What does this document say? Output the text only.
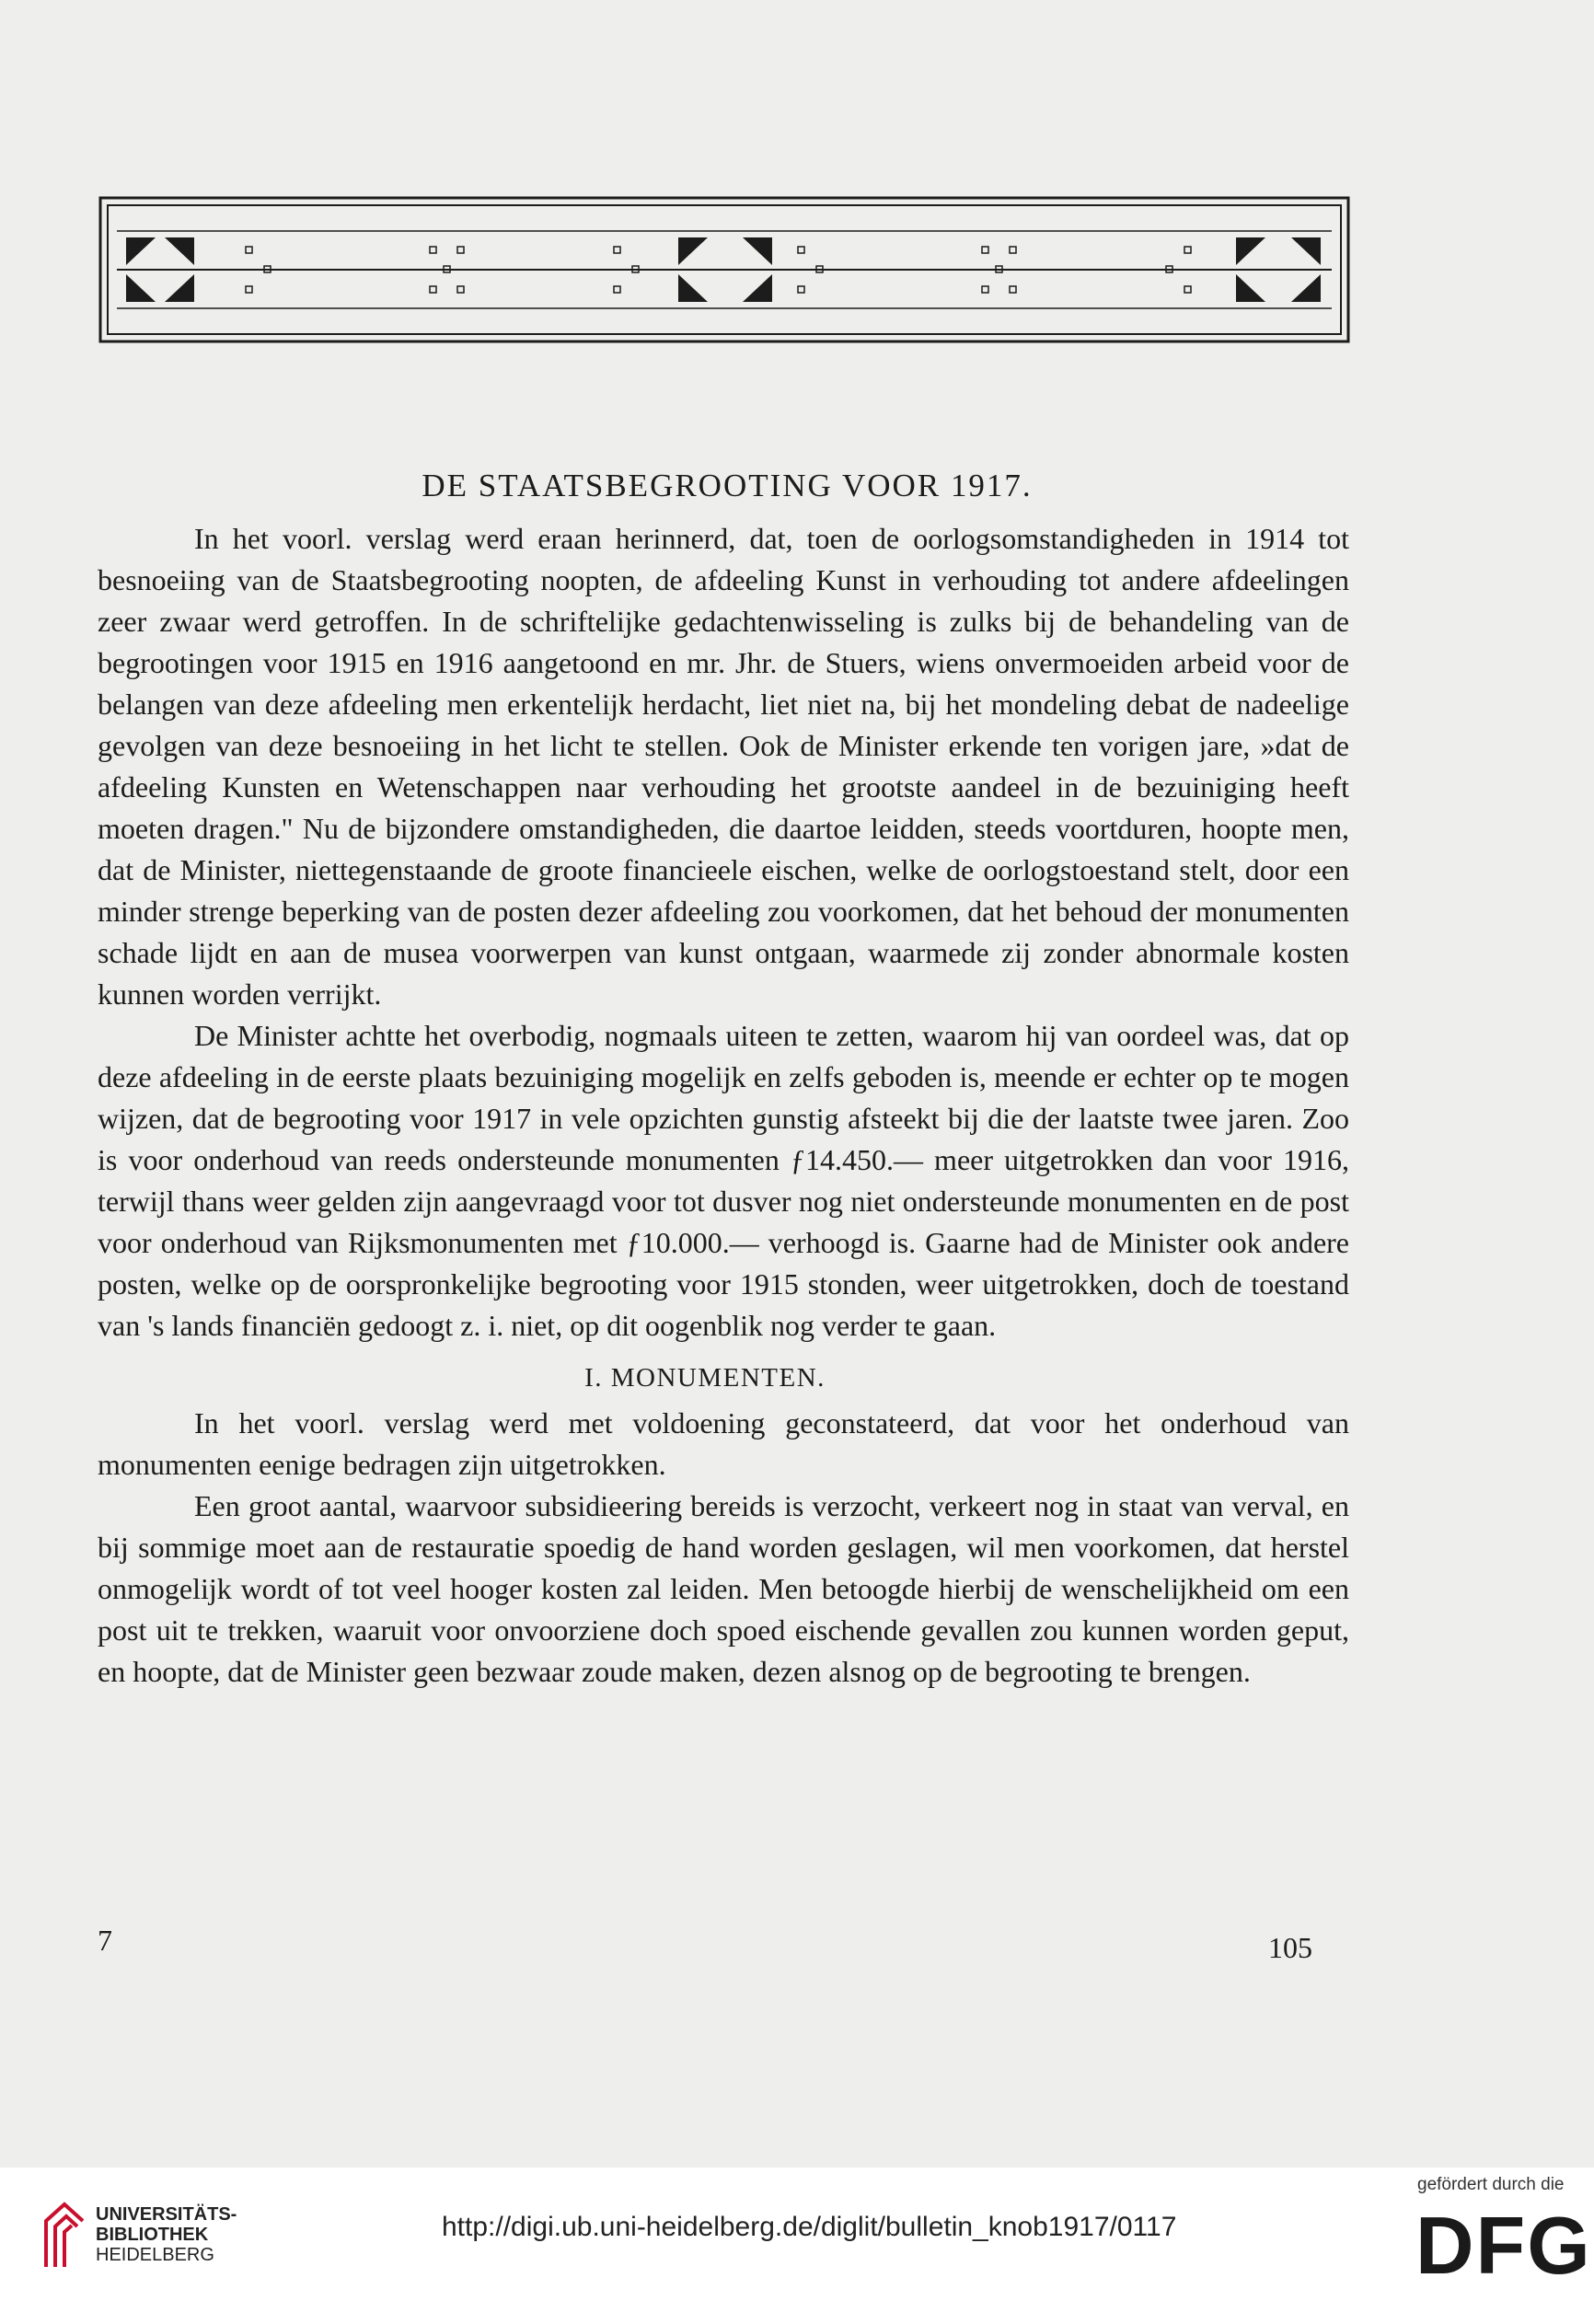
DE STAATSBEGROOTING VOOR 1917.

In het voorl. verslag werd eraan herinnerd, dat, toen de oorlogsomstandigheden in 1914 tot besnoeiing van de Staatsbegrooting noopten, de afdeeling Kunst in verhouding tot andere afdeelingen zeer zwaar werd getroffen. In de schriftelijke gedachtenwisseling is zulks bij de behandeling van de begrootingen voor 1915 en 1916 aangetoond en mr. Jhr. de Stuers, wiens onvermoeiden arbeid voor de belangen van deze afdeeling men erkentelijk herdacht, liet niet na, bij het mondeling debat de nadeelige gevolgen van deze besnoeiing in het licht te stellen. Ook de Minister erkende ten vorigen jare, »dat de afdeeling Kunsten en Wetenschappen naar verhouding het grootste aandeel in de bezuiniging heeft moeten dragen." Nu de bijzondere omstandigheden, die daartoe leidden, steeds voortduren, hoopte men, dat de Minister, niettegenstaande de groote financieele eischen, welke de oorlogstoestand stelt, door een minder strenge beperking van de posten dezer afdeeling zou voorkomen, dat het behoud der monumenten schade lijdt en aan de musea voorwerpen van kunst ontgaan, waarmede zij zonder abnormale kosten kunnen worden verrijkt.

De Minister achtte het overbodig, nogmaals uiteen te zetten, waarom hij van oordeel was, dat op deze afdeeling in de eerste plaats bezuiniging mogelijk en zelfs geboden is, meende er echter op te mogen wijzen, dat de begrooting voor 1917 in vele opzichten gunstig afsteekt bij die der laatste twee jaren. Zoo is voor onderhoud van reeds ondersteunde monumenten ƒ14.450.— meer uitgetrokken dan voor 1916, terwijl thans weer gelden zijn aangevraagd voor tot dusver nog niet ondersteunde monumenten en de post voor onderhoud van Rijksmonumenten met ƒ10.000.— verhoogd is. Gaarne had de Minister ook andere posten, welke op de oorspronkelijke begrooting voor 1915 stonden, weer uitgetrokken, doch de toestand van 's lands financiën gedoogt z. i. niet, op dit oogenblik nog verder te gaan.

I. MONUMENTEN.

In het voorl. verslag werd met voldoening geconstateerd, dat voor het onderhoud van monumenten eenige bedragen zijn uitgetrokken.

Een groot aantal, waarvoor subsidieering bereids is verzocht, verkeert nog in staat van verval, en bij sommige moet aan de restauratie spoedig de hand worden geslagen, wil men voorkomen, dat herstel onmogelijk wordt of tot veel hooger kosten zal leiden. Men betoogde hierbij de wenschelijkheid om een post uit te trekken, waaruit voor onvoorziene doch spoed eischende gevallen zou kunnen worden geput, en hoopte, dat de Minister geen bezwaar zoude maken, dezen alsnog op de begrooting te brengen.

7	105
UNIVERSITÄTS-
BIBLIOTHEK
HEIDELBERG
http://digi.ub.uni-heidelberg.de/diglit/bulletin_knob1917/0117
gefördert durch die
DFG
